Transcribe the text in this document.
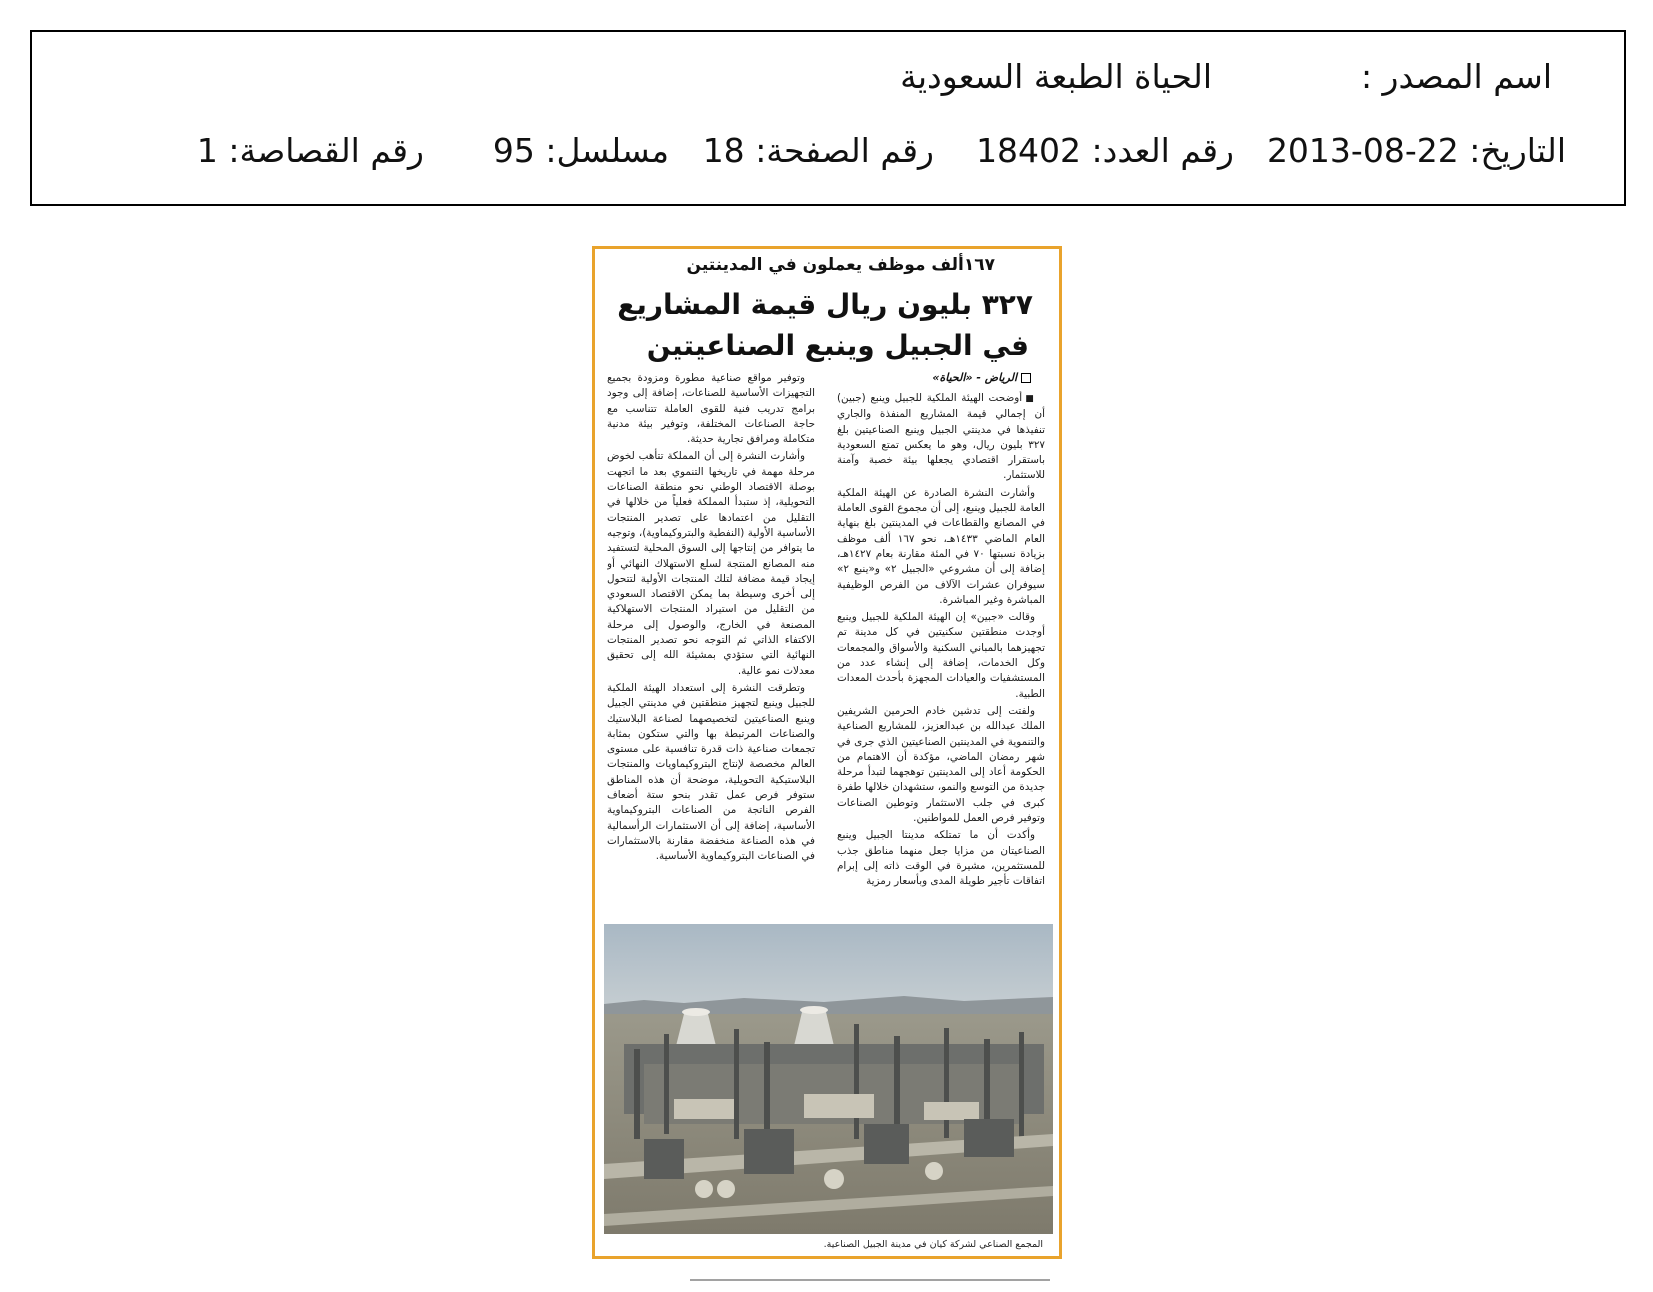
اسم المصدر :
الحياة الطبعة السعودية
التاريخ: 2013-08-22
رقم العدد: 18402
رقم الصفحة: 18
مسلسل: 95
رقم القصاصة: 1
١٦٧ألف موظف يعملون في المدينتين
٣٢٧ بليون ريال قيمة المشاريع
في الجبيل وينبع الصناعيتين
الرياض - «الحياة»

■ أوضحت الهيئة الملكية للجبيل وينبع (جبين) أن إجمالي قيمة المشاريع المنفذة والجاري تنفيذها في مدينتي الجبيل وينبع الصناعيتين بلغ ٣٢٧ بليون ريال، وهو ما يعكس تمتع السعودية باستقرار اقتصادي يجعلها بيئة خصبة وآمنة للاستثمار.

وأشارت النشرة الصادرة عن الهيئة الملكية العامة للجبيل وينبع، إلى أن مجموع القوى العاملة في المصانع والقطاعات في المدينتين بلغ بنهاية العام الماضي ١٤٣٣هـ، نحو ١٦٧ ألف موظف بزيادة نسبتها ٧٠ في المئة مقارنة بعام ١٤٢٧هـ، إضافة إلى أن مشروعي «الجبيل ٢» و«ينبع ٢» سيوفران عشرات الآلاف من الفرص الوظيفية المباشرة وغير المباشرة.

وقالت «جبين» إن الهيئة الملكية للجبيل وينبع أوجدت منطقتين سكنيتين في كل مدينة تم تجهيزهما بالمباني السكنية والأسواق والمجمعات وكل الخدمات، إضافة إلى إنشاء عدد من المستشفيات والعيادات المجهزة بأحدث المعدات الطبية.

ولفتت إلى تدشين خادم الحرمين الشريفين الملك عبدالله بن عبدالعزيز، للمشاريع الصناعية والتنموية في المدينتين الصناعيتين الذي جرى في شهر رمضان الماضي، مؤكدة أن الاهتمام من الحكومة أعاد إلى المدينتين توهجهما لتبدأ مرحلة جديدة من التوسع والنمو، ستشهدان خلالها طفرة كبرى في جلب الاستثمار وتوطين الصناعات وتوفير فرص العمل للمواطنين.

وأكدت أن ما تمتلكه مدينتا الجبيل وينبع الصناعيتان من مزايا جعل منهما مناطق جذب للمستثمرين، مشيرة في الوقت ذاته إلى إبرام اتفاقات تأجير طويلة المدى وبأسعار رمزية

وتوفير مواقع صناعية مطورة ومزودة بجميع التجهيزات الأساسية للصناعات، إضافة إلى وجود برامج تدريب فنية للقوى العاملة تتناسب مع حاجة الصناعات المختلفة، وتوفير بيئة مدنية متكاملة ومرافق تجارية حديثة.

وأشارت النشرة إلى أن المملكة تتأهب لخوض مرحلة مهمة في تاريخها التنموي بعد ما اتجهت بوصلة الاقتصاد الوطني نحو منطقة الصناعات التحويلية، إذ ستبدأ المملكة فعلياً من خلالها في التقليل من اعتمادها على تصدير المنتجات الأساسية الأولية (النفطية والبتروكيماوية)، وتوجيه ما يتوافر من إنتاجها إلى السوق المحلية لتستفيد منه المصانع المنتجة لسلع الاستهلاك النهائي أو إيجاد قيمة مضافة لتلك المنتجات الأولية لتتحول إلى أخرى وسيطة بما يمكن الاقتصاد السعودي من التقليل من استيراد المنتجات الاستهلاكية المصنعة في الخارج، والوصول إلى مرحلة الاكتفاء الذاتي ثم التوجه نحو تصدير المنتجات النهائية التي ستؤدي بمشيئة الله إلى تحقيق معدلات نمو عالية.

وتطرقت النشرة إلى استعداد الهيئة الملكية للجبيل وينبع لتجهيز منطقتين في مدينتي الجبيل وينبع الصناعيتين لتخصيصهما لصناعة البلاستيك والصناعات المرتبطة بها والتي ستكون بمثابة تجمعات صناعية ذات قدرة تنافسية على مستوى العالم مخصصة لإنتاج البتروكيماويات والمنتجات البلاستيكية التحويلية، موضحة أن هذه المناطق ستوفر فرص عمل تقدر بنحو ستة أضعاف الفرص الناتجة من الصناعات البتروكيماوية الأساسية، إضافة إلى أن الاستثمارات الرأسمالية في هذه الصناعة منخفضة مقارنة بالاستثمارات في الصناعات البتروكيماوية الأساسية.

المجمع الصناعي لشركة كيان في مدينة الجبيل الصناعية.
